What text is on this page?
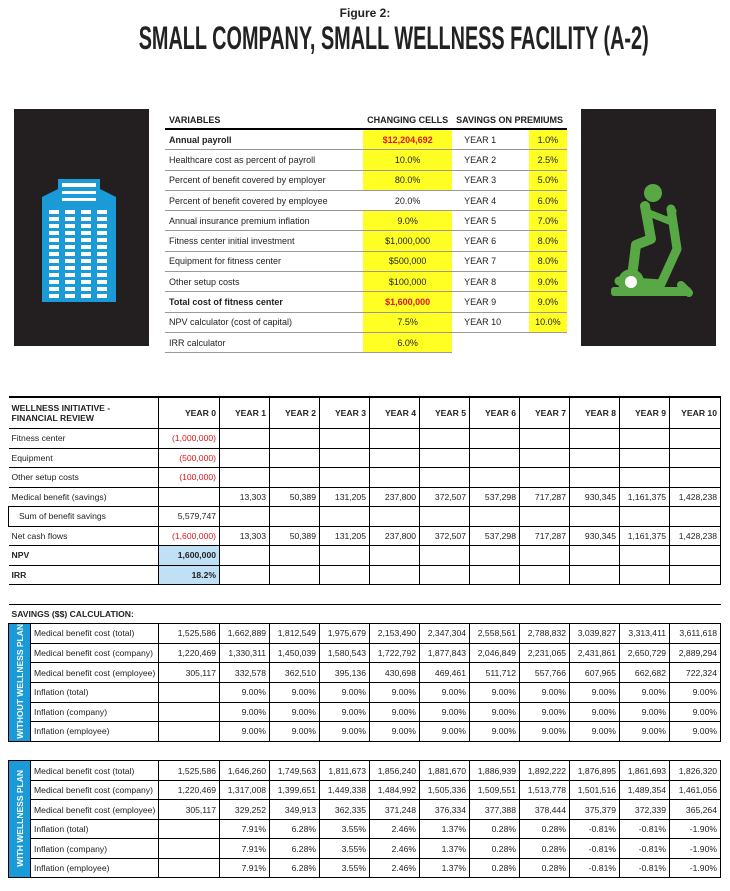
Figure 2:
SMALL COMPANY, SMALL WELLNESS FACILITY (A-2)
VARIABLES	CHANGING CELLS	SAVINGS ON PREMIUMS	
Annual payroll	$12,204,692	YEAR 1	1.0%
Healthcare cost as percent of payroll	10.0%	YEAR 2	2.5%
Percent of benefit covered by employer	80.0%	YEAR 3	5.0%
Percent of benefit covered by employee	20.0%	YEAR 4	6.0%
Annual insurance premium inflation	9.0%	YEAR 5	7.0%
Fitness center initial investment	$1,000,000	YEAR 6	8.0%
Equipment for fitness center	$500,000	YEAR 7	8.0%
Other setup costs	$100,000	YEAR 8	9.0%
Total cost of fitness center	$1,600,000	YEAR 9	9.0%
NPV calculator (cost of capital)	7.5%	YEAR 10	10.0%
IRR calculator	6.0%		
WELLNESS INITIATIVE - FINANCIAL REVIEW		YEAR 0	YEAR 1	YEAR 2	YEAR 3	YEAR 4	YEAR 5	YEAR 6	YEAR 7	YEAR 8	YEAR 9	YEAR 10
Fitness center		(1,000,000)										
Equipment		(500,000)										
Other setup costs		(100,000)										
Medical benefit (savings)			13,303	50,389	131,205	237,800	372,507	537,298	717,287	930,345	1,161,375	1,428,238
Sum of benefit savings		5,579,747										
Net cash flows		(1,600,000)	13,303	50,389	131,205	237,800	372,507	537,298	717,287	930,345	1,161,375	1,428,238
NPV		1,600,000										
IRR		18.2%										

SAVINGS ($$) CALCULATION:												
WITHOUT WELLNESS PLAN	Medical benefit cost (total)	1,525,586	1,662,889	1,812,549	1,975,679	2,153,490	2,347,304	2,558,561	2,788,832	3,039,827	3,313,411	3,611,618
	Medical benefit cost (company)	1,220,469	1,330,311	1,450,039	1,580,543	1,722,792	1,877,843	2,046,849	2,231,065	2,431,861	2,650,729	2,889,294
	Medical benefit cost (employee)	305,117	332,578	362,510	395,136	430,698	469,461	511,712	557,766	607,965	662,682	722,324
	Inflation (total)		9.00%	9.00%	9.00%	9.00%	9.00%	9.00%	9.00%	9.00%	9.00%	9.00%
	Inflation (company)		9.00%	9.00%	9.00%	9.00%	9.00%	9.00%	9.00%	9.00%	9.00%	9.00%
	Inflation (employee)		9.00%	9.00%	9.00%	9.00%	9.00%	9.00%	9.00%	9.00%	9.00%	9.00%

WITH WELLNESS PLAN	Medical benefit cost (total)	1,525,586	1,646,260	1,749,563	1,811,673	1,856,240	1,881,670	1,886,939	1,892,222	1,876,895	1,861,693	1,826,320
	Medical benefit cost (company)	1,220,469	1,317,008	1,399,651	1,449,338	1,484,992	1,505,336	1,509,551	1,513,778	1,501,516	1,489,354	1,461,056
	Medical benefit cost (employee)	305,117	329,252	349,913	362,335	371,248	376,334	377,388	378,444	375,379	372,339	365,264
	Inflation (total)		7.91%	6.28%	3.55%	2.46%	1.37%	0.28%	0.28%	-0.81%	-0.81%	-1.90%
	Inflation (company)		7.91%	6.28%	3.55%	2.46%	1.37%	0.28%	0.28%	-0.81%	-0.81%	-1.90%
	Inflation (employee)		7.91%	6.28%	3.55%	2.46%	1.37%	0.28%	0.28%	-0.81%	-0.81%	-1.90%
